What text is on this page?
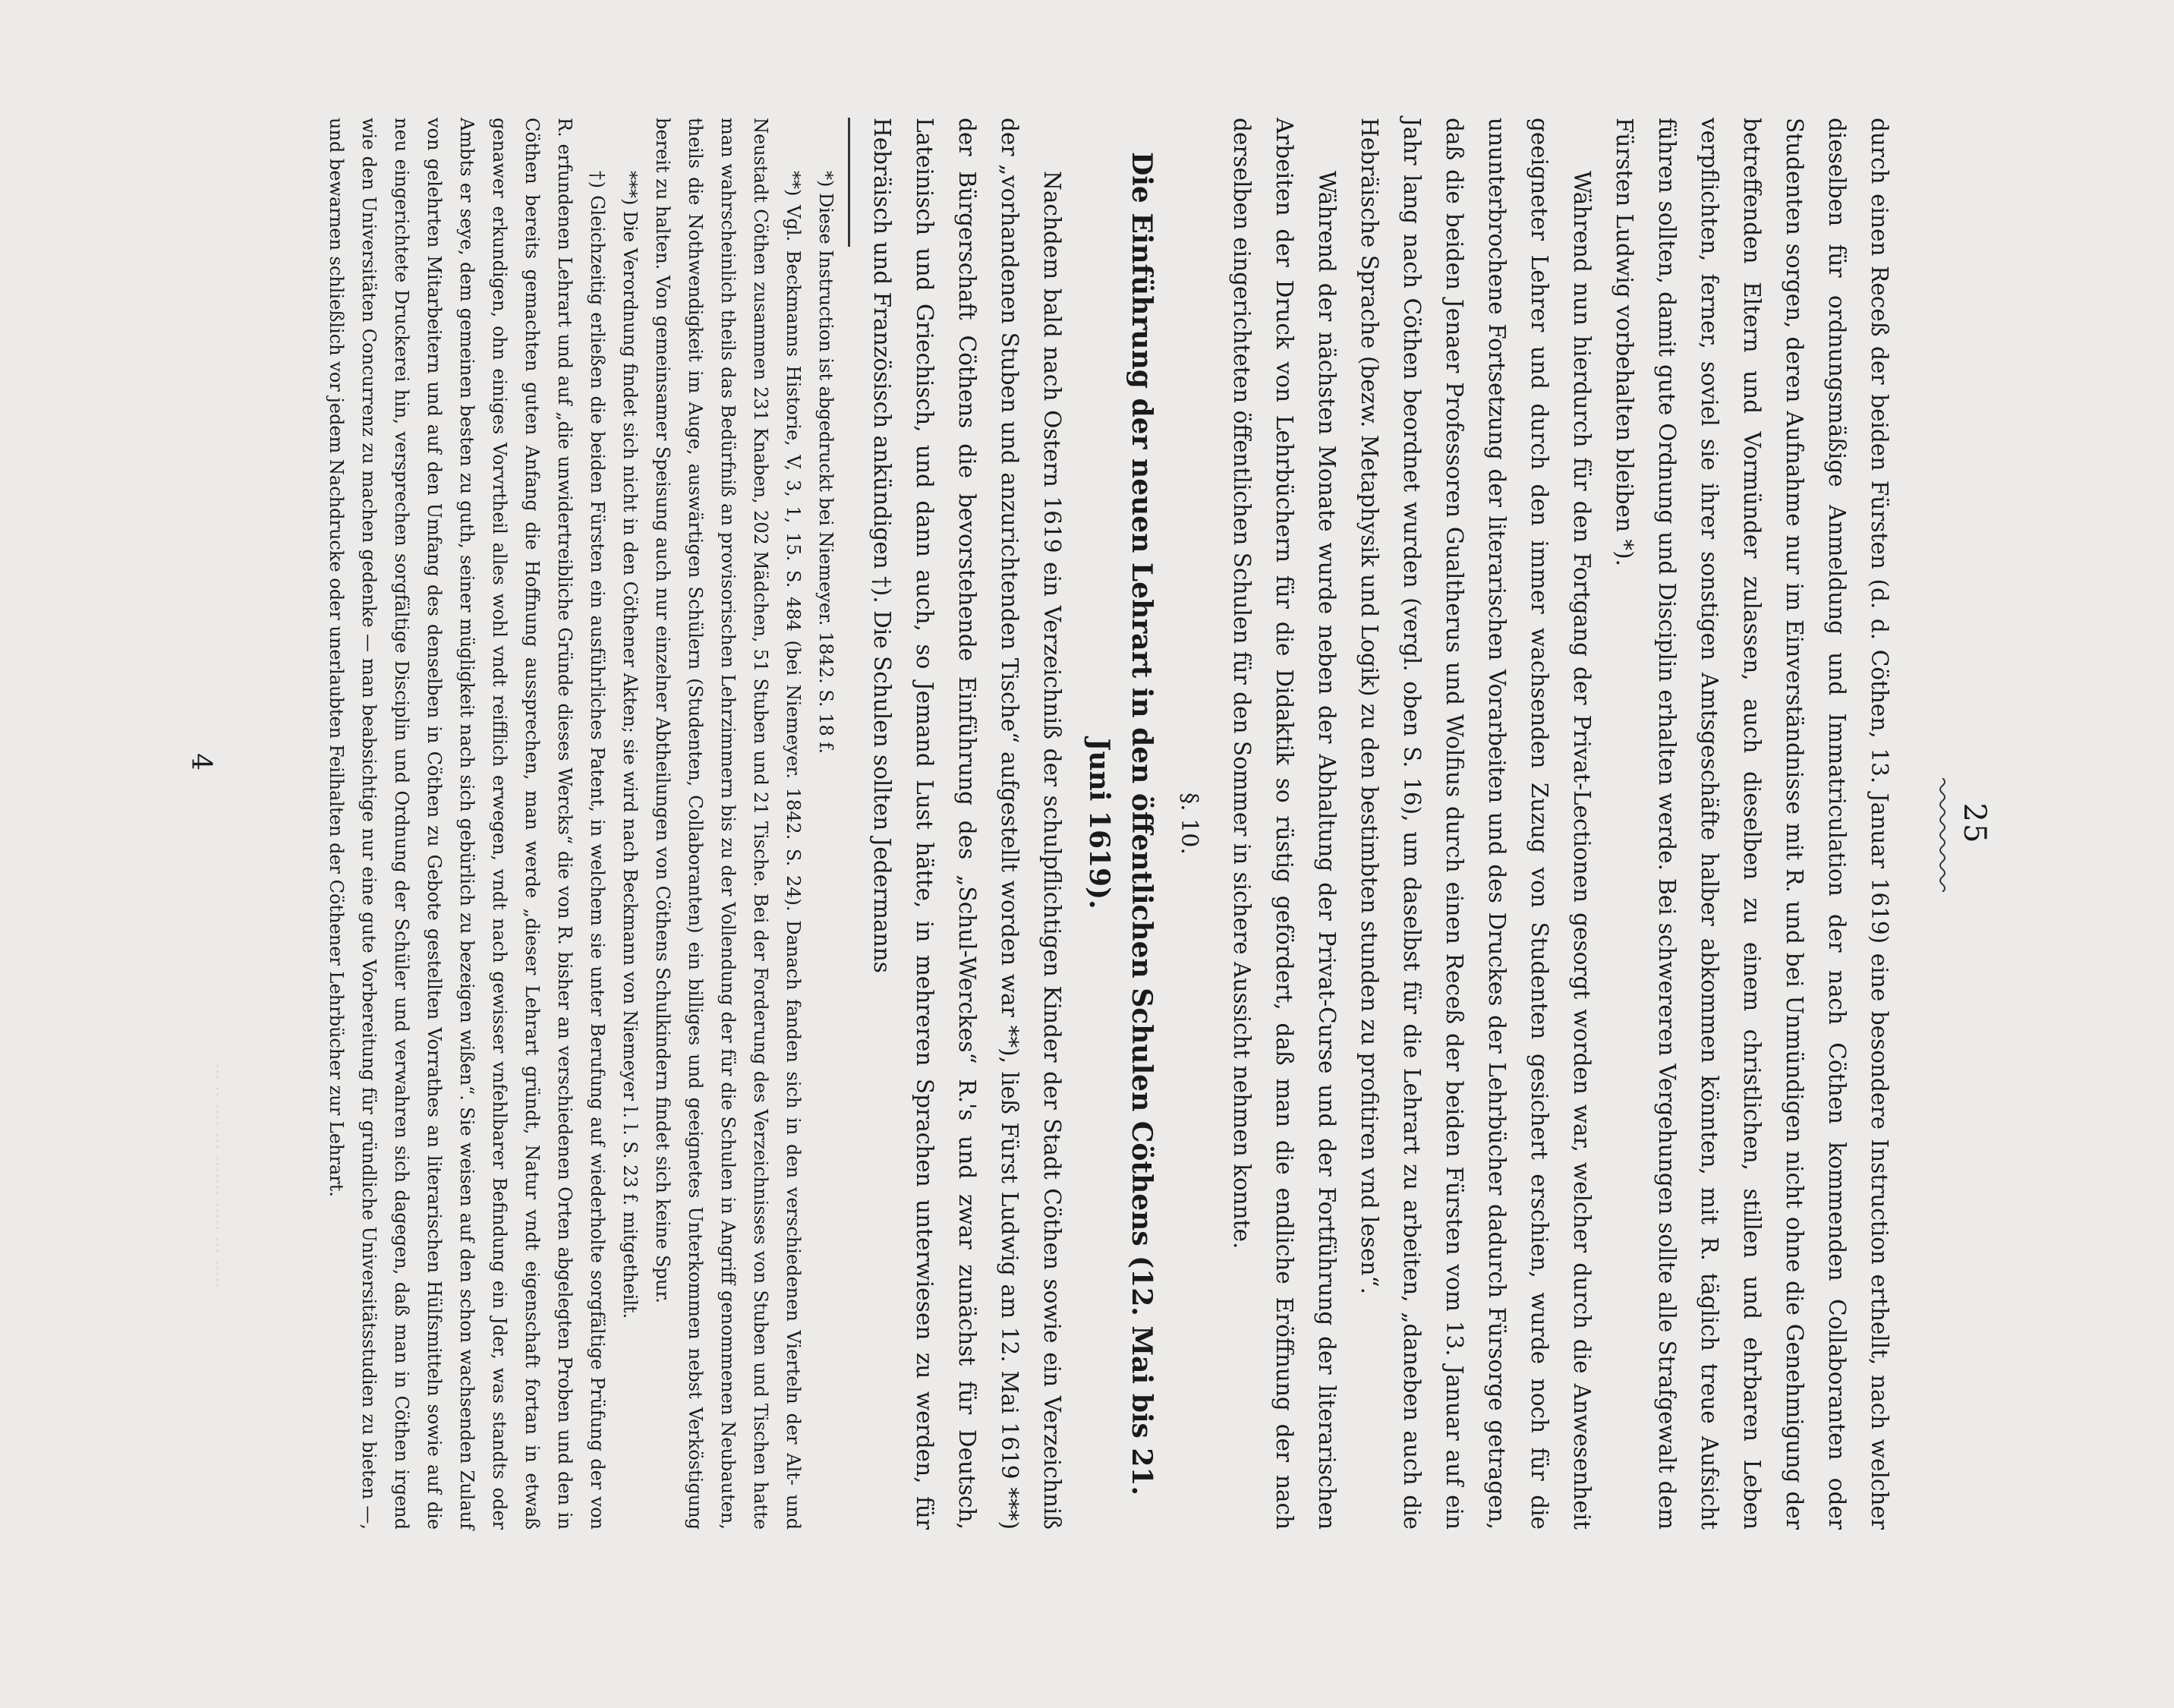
··· ·· ···· ··· ······· ····· ··· ·····
25

durch einen Receß der beiden Fürsten (d. d. Cöthen, 13. Januar 1619) eine besondere Instruction erthellt, nach welcher dieselben für ordnungsmäßige Anmeldung und Immatriculation der nach Cöthen kommenden Collaboranten oder Studenten sorgen, deren Aufnahme nur im Einverständnisse mit R. und bei Unmündigen nicht ohne die Genehmigung der betreffenden Eltern und Vormünder zulassen, auch dieselben zu einem christlichen, stillen und ehrbaren Leben verpflichten, ferner, soviel sie ihrer sonstigen Amtsgeschäfte halber abkommen könnten, mit R. täglich treue Aufsicht führen sollten, damit gute Ordnung und Disciplin erhalten werde. Bei schwereren Vergehungen sollte alle Strafgewalt dem Fürsten Ludwig vorbehalten bleiben *).

Während nun hierdurch für den Fortgang der Privat-Lectionen gesorgt worden war, welcher durch die Anwesenheit geeigneter Lehrer und durch den immer wachsenden Zuzug von Studenten gesichert erschien, wurde noch für die ununterbrochene Fortsetzung der literarischen Vorarbeiten und des Druckes der Lehrbücher dadurch Fürsorge getragen, daß die beiden Jenaer Professoren Gualtherus und Wolfius durch einen Receß der beiden Fürsten vom 13. Januar auf ein Jahr lang nach Cöthen beordnet wurden (vergl. oben S. 16), um daselbst für die Lehrart zu arbeiten, „daneben auch die Hebräische Sprache (bezw. Metaphysik und Logik) zu den bestimbten stunden zu profitiren vnd lesen“.

Während der nächsten Monate wurde neben der Abhaltung der Privat-Curse und der Fortführung der literarischen Arbeiten der Druck von Lehrbüchern für die Didaktik so rüstig gefördert, daß man die endliche Eröffnung der nach derselben eingerichteten öffentlichen Schulen für den Sommer in sichere Aussicht nehmen konnte.

§. 10.
Die Einführung der neuen Lehrart in den öffentlichen Schulen Cöthens (12. Mai bis 21. Juni 1619).

Nachdem bald nach Ostern 1619 ein Verzeichniß der schulpflichtigen Kinder der Stadt Cöthen sowie ein Verzeichniß der „vorhandenen Stuben und anzurichtenden Tische“ aufgestellt worden war **), ließ Fürst Ludwig am 12. Mai 1619 ***) der Bürgerschaft Cöthens die bevorstehende Einführung des „Schul-Werckes“ R.'s und zwar zunächst für Deutsch, Lateinisch und Griechisch, und dann auch, so Jemand Lust hätte, in mehreren Sprachen unterwiesen zu werden, für Hebräisch und Französisch ankündigen †). Die Schulen sollten Jedermanns

*) Diese Instruction ist abgedruckt bei Niemeyer. 1842. S. 18 f.

**) Vgl. Beckmanns Historie, V, 3, 1, 15. S. 484 (bei Niemeyer. 1842. S. 24). Danach fanden sich in den verschiedenen Vierteln der Alt- und Neustadt Cöthen zusammen 231 Knaben, 202 Mädchen, 51 Stuben und 21 Tische. Bei der Forderung des Verzeichnisses von Stuben und Tischen hatte man wahrscheinlich theils das Bedürfniß an provisorischen Lehrzimmern bis zu der Vollendung der für die Schulen in Angriff genommenen Neubauten, theils die Nothwendigkeit im Auge, auswärtigen Schülern (Studenten, Collaboranten) ein billiges und geeignetes Unterkommen nebst Verköstigung bereit zu halten. Von gemeinsamer Speisung auch nur einzelner Abtheilungen von Cöthens Schulkindern findet sich keine Spur.

***) Die Verordnung findet sich nicht in den Cöthener Akten; sie wird nach Beckmann von Niemeyer l. l. S. 23 f. mitgetheilt.

†) Gleichzeitig erließen die beiden Fürsten ein ausführliches Patent, in welchem sie unter Berufung auf wiederholte sorgfältige Prüfung der von R. erfundenen Lehrart und auf „die unwidertreibliche Gründe dieses Wercks“ die von R. bisher an verschiedenen Orten abgelegten Proben und den in Cöthen bereits gemachten guten Anfang die Hoffnung aussprechen, man werde „dieser Lehrart gründt, Natur vndt eigenschaft fortan in etwaß genawer erkundigen, ohn einiges Vorvrtheil alles wohl vndt reifflich erwegen, vndt nach gewisser vnfehlbarer Befindung ein Jder, was standts oder Ambts er seye, dem gemeinen besten zu guth, seiner mügligkeit nach sich gebürlich zu bezeigen wißen“. Sie weisen auf den schon wachsenden Zulauf von gelehrten Mitarbeitern und auf den Umfang des denselben in Cöthen zu Gebote gestellten Vorrathes an literarischen Hülfsmitteln sowie auf die neu eingerichtete Druckerei hin, versprechen sorgfältige Disciplin und Ordnung der Schüler und verwahren sich dagegen, daß man in Cöthen irgend wie den Universitäten Concurrenz zu machen gedenke — man beabsichtige nur eine gute Vorbereitung für gründliche Universitätsstudien zu bieten —, und bewarnen schließlich vor jedem Nachdrucke oder unerlaubten Feilhalten der Cöthener Lehrbücher zur Lehrart.

4
